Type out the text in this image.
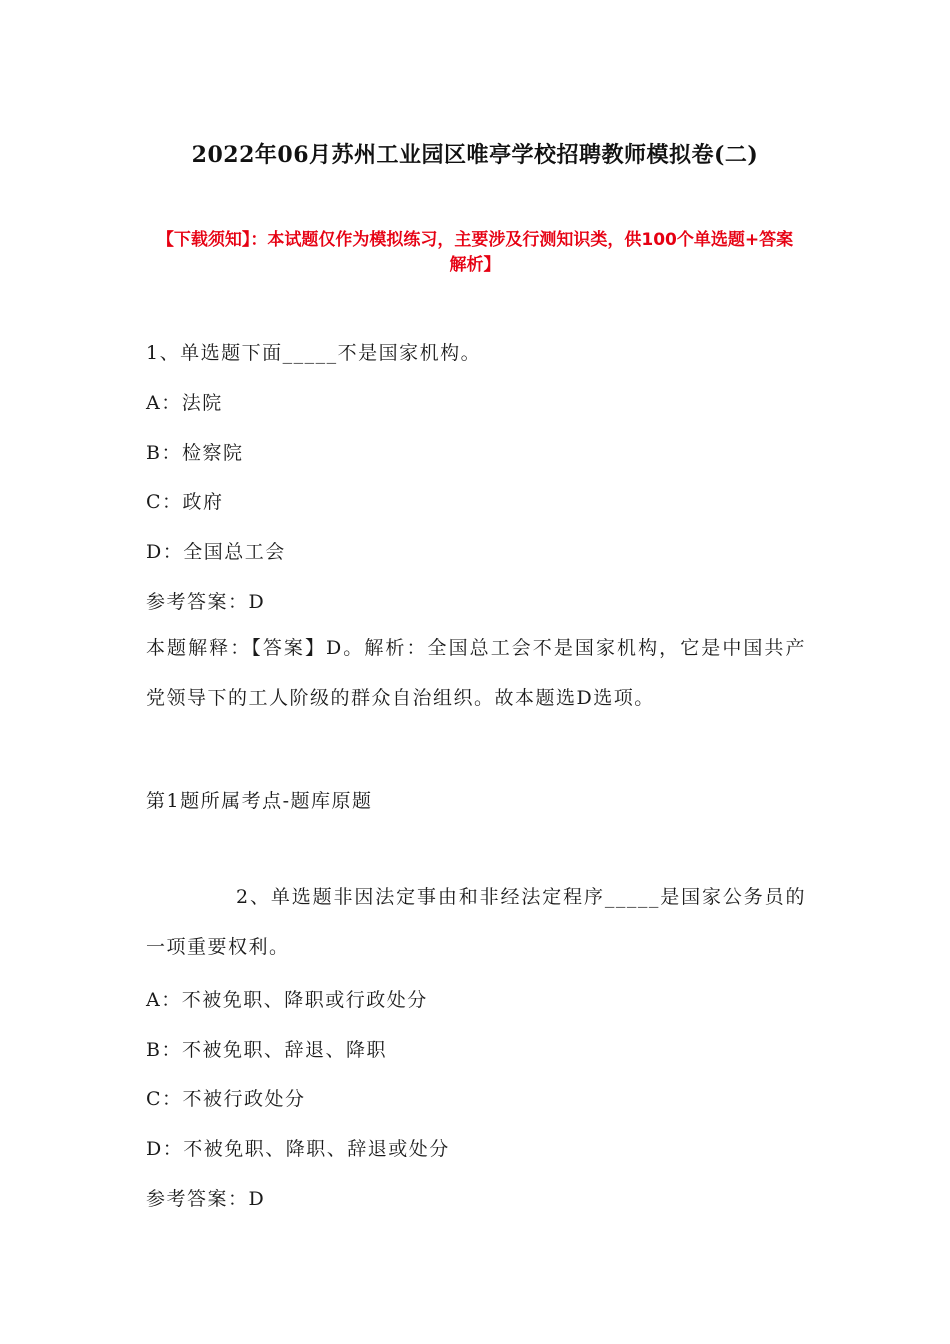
2022年06月苏州工业园区唯亭学校招聘教师模拟卷(二)
【下载须知】：本试题仅作为模拟练习，主要涉及行测知识类，供100个单选题+答案解析】
1、单选题下面_____不是国家机构。
A：法院
B：检察院
C：政府
D：全国总工会
参考答案：D
本题解释：【答案】D。解析：全国总工会不是国家机构，它是中国共产党领导下的工人阶级的群众自治组织。故本题选D选项。
第1题所属考点-题库原题
2、单选题非因法定事由和非经法定程序_____是国家公务员的一项重要权利。
A：不被免职、降职或行政处分
B：不被免职、辞退、降职
C：不被行政处分
D：不被免职、降职、辞退或处分
参考答案：D
